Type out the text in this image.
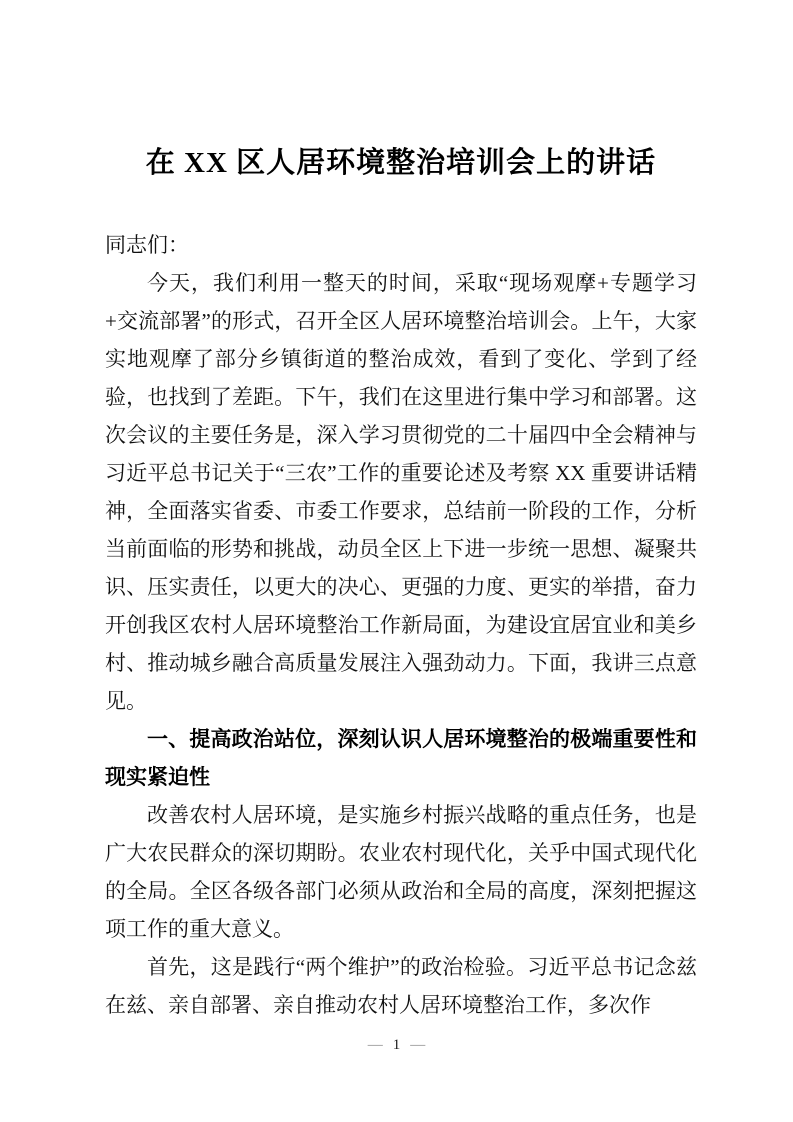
在 XX 区人居环境整治培训会上的讲话

同志们：

今天，我们利用一整天的时间，采取“现场观摩+专题学习+交流部署”的形式，召开全区人居环境整治培训会。上午，大家实地观摩了部分乡镇街道的整治成效，看到了变化、学到了经验，也找到了差距。下午，我们在这里进行集中学习和部署。这次会议的主要任务是，深入学习贯彻党的二十届四中全会精神与习近平总书记关于“三农”工作的重要论述及考察 XX 重要讲话精神，全面落实省委、市委工作要求，总结前一阶段的工作，分析当前面临的形势和挑战，动员全区上下进一步统一思想、凝聚共识、压实责任，以更大的决心、更强的力度、更实的举措，奋力开创我区农村人居环境整治工作新局面，为建设宜居宜业和美乡村、推动城乡融合高质量发展注入强劲动力。下面，我讲三点意见。

一、提高政治站位，深刻认识人居环境整治的极端重要性和现实紧迫性

改善农村人居环境，是实施乡村振兴战略的重点任务，也是广大农民群众的深切期盼。农业农村现代化，关乎中国式现代化的全局。全区各级各部门必须从政治和全局的高度，深刻把握这项工作的重大意义。

首先，这是践行“两个维护”的政治检验。习近平总书记念兹在兹、亲自部署、亲自推动农村人居环境整治工作，多次作

— 1 —
